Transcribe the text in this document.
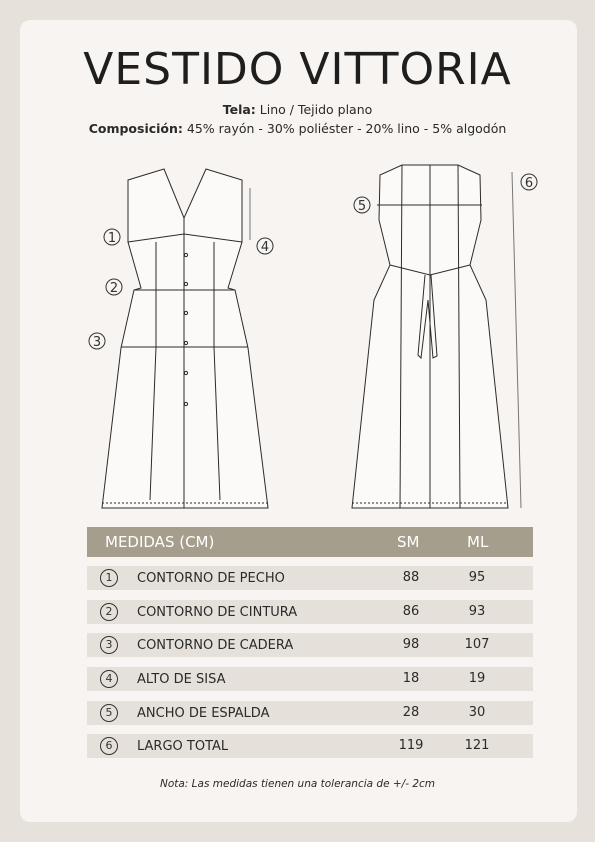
VESTIDO VITTORIA
Tela: Lino / Tejido plano
Composición: 45% rayón - 30% poliéster - 20% lino - 5% algodón
1
2
3
4
5
6
MEDIDAS (CM)	SM	ML
1	CONTORNO DE PECHO	88	95
2	CONTORNO DE CINTURA	86	93
3	CONTORNO DE CADERA	98	107
4	ALTO DE SISA	18	19
5	ANCHO DE ESPALDA	28	30
6	LARGO TOTAL	119	121
Nota: Las medidas tienen una tolerancia de +/- 2cm
